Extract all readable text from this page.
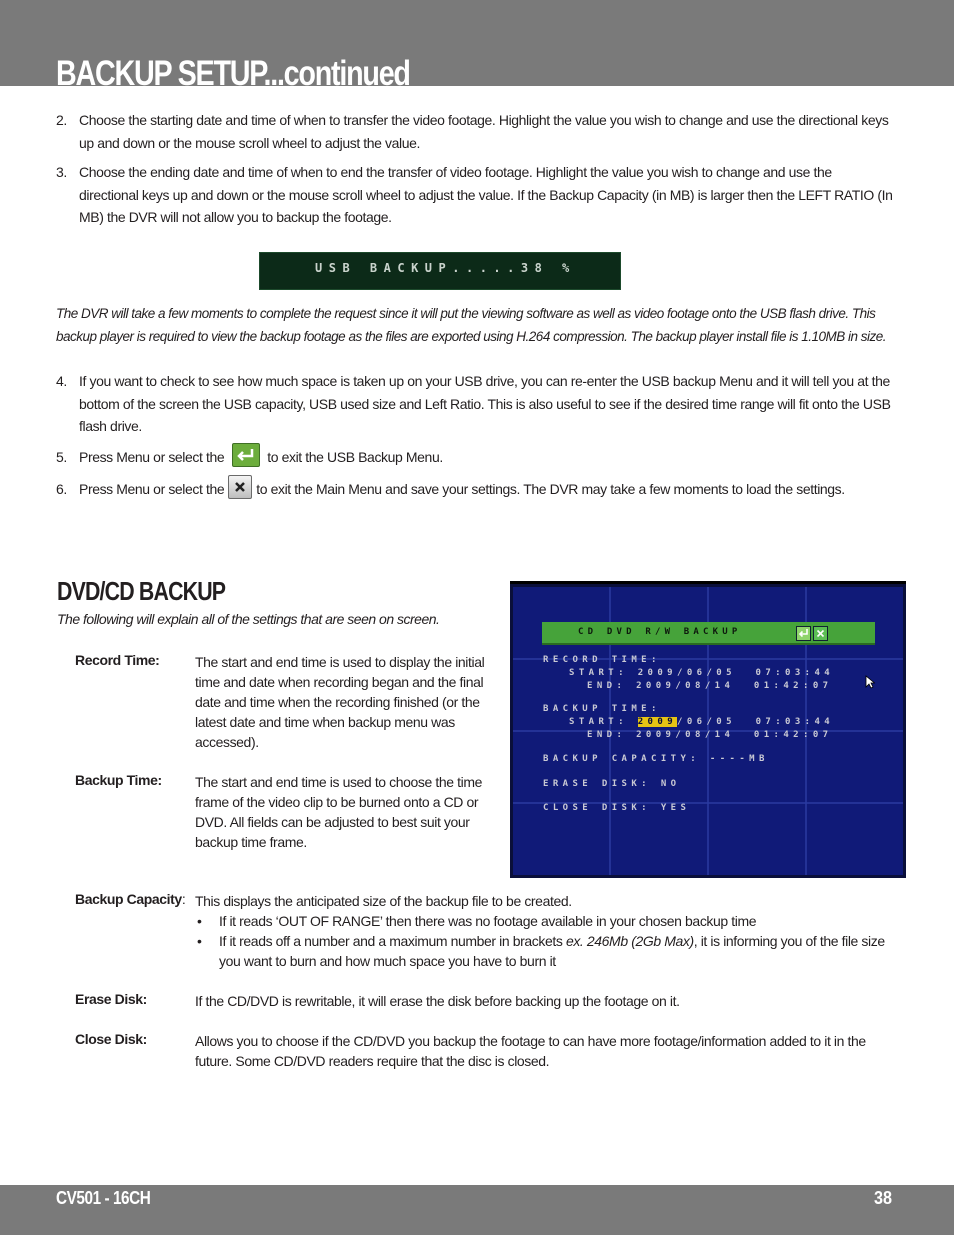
BACKUP SETUP...continued
2. Choose the starting date and time of when to transfer the video footage. Highlight the value you wish to change and use the directional keys up and down or the mouse scroll wheel to adjust the value.
3. Choose the ending date and time of when to end the transfer of video footage. Highlight the value you wish to change and use the directional keys up and down or the mouse scroll wheel to adjust the value. If the Backup Capacity (in MB) is larger then the LEFT RATIO (In MB) the DVR will not allow you to backup the footage.
USB BACKUP.....38 %
The DVR will take a few moments to complete the request since it will put the viewing software as well as video footage onto the USB flash drive. This backup player is required to view the backup footage as the files are exported using H.264 compression. The backup player install file is 1.10MB in size.
4. If you want to check to see how much space is taken up on your USB drive, you can re-enter the USB backup Menu and it will tell you at the bottom of the screen the USB capacity, USB used size and Left Ratio. This is also useful to see if the desired time range will fit onto the USB flash drive.
5. Press Menu or select the	to exit the USB Backup Menu.
6. Press Menu or select the to exit the Main Menu and save your settings. The DVR may take a few moments to load the settings.
DVD/CD BACKUP
The following will explain all of the settings that are seen on screen.
Record Time:	The start and end time is used to display the initial time and date when recording began and the final date and time when the recording finished (or the latest date and time when backup menu was accessed).
Backup Time: The start and end time is used to choose the time frame of the video clip to be burned onto a CD or DVD. All fields can be adjusted to best suit your backup time frame.
CD DVD R/W BACKUP
RECORD TIME:
START: 2009/06/05  07:03:44
END: 2009/08/14  01:42:07
BACKUP TIME:
START: 2009/06/05  07:03:44
END: 2009/08/14  01:42:07
BACKUP CAPACITY: ----MB
ERASE DISK: NO
CLOSE DISK: YES
Backup Capacity: This displays the anticipated size of the backup file to be created.
• If it reads ‘OUT OF RANGE’ then there was no footage available in your chosen backup time
• If it reads off a number and a maximum number in brackets ex. 246Mb (2Gb Max), it is informing you of the file size you want to burn and how much space you have to burn it
Erase Disk:	If the CD/DVD is rewritable, it will erase the disk before backing up the footage on it.
Close Disk:	Allows you to choose if the CD/DVD you backup the footage to can have more footage/information added to it in the future. Some CD/DVD readers require that the disc is closed.
CV501 - 16CH	38
